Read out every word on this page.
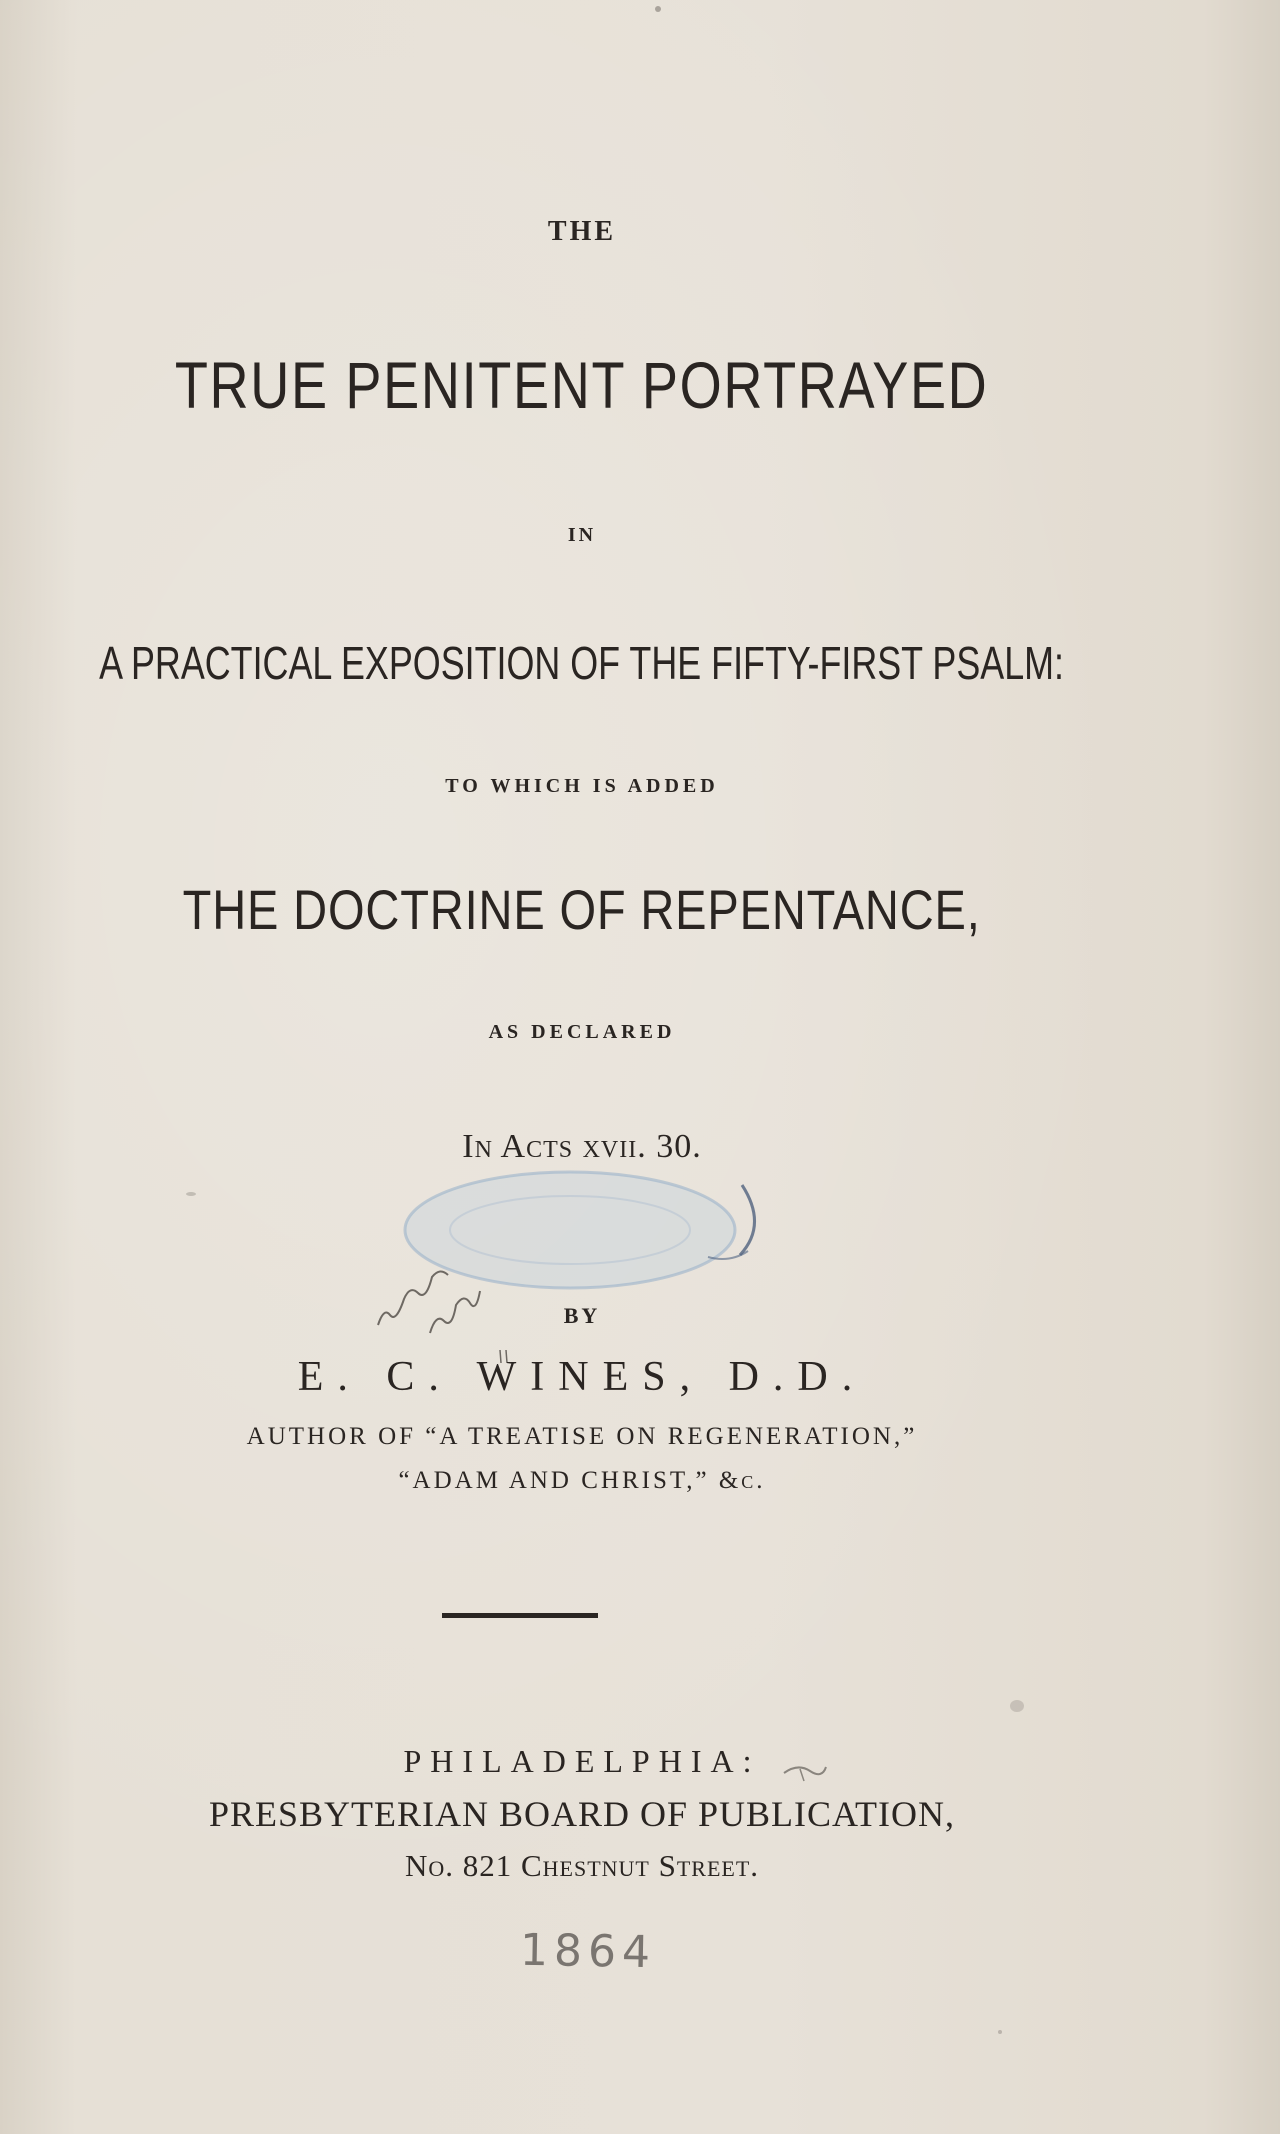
THE

TRUE PENITENT PORTRAYED

IN

A PRACTICAL EXPOSITION OF THE FIFTY-FIRST PSALM:

TO WHICH IS ADDED

THE DOCTRINE OF REPENTANCE,

AS DECLARED

In Acts xvii. 30.

BY

E. C. WINES, D.D.

AUTHOR OF “A TREATISE ON REGENERATION,”

“ADAM AND CHRIST,” &c.

PHILADELPHIA:

PRESBYTERIAN BOARD OF PUBLICATION,

No. 821 Chestnut Street.

1864
